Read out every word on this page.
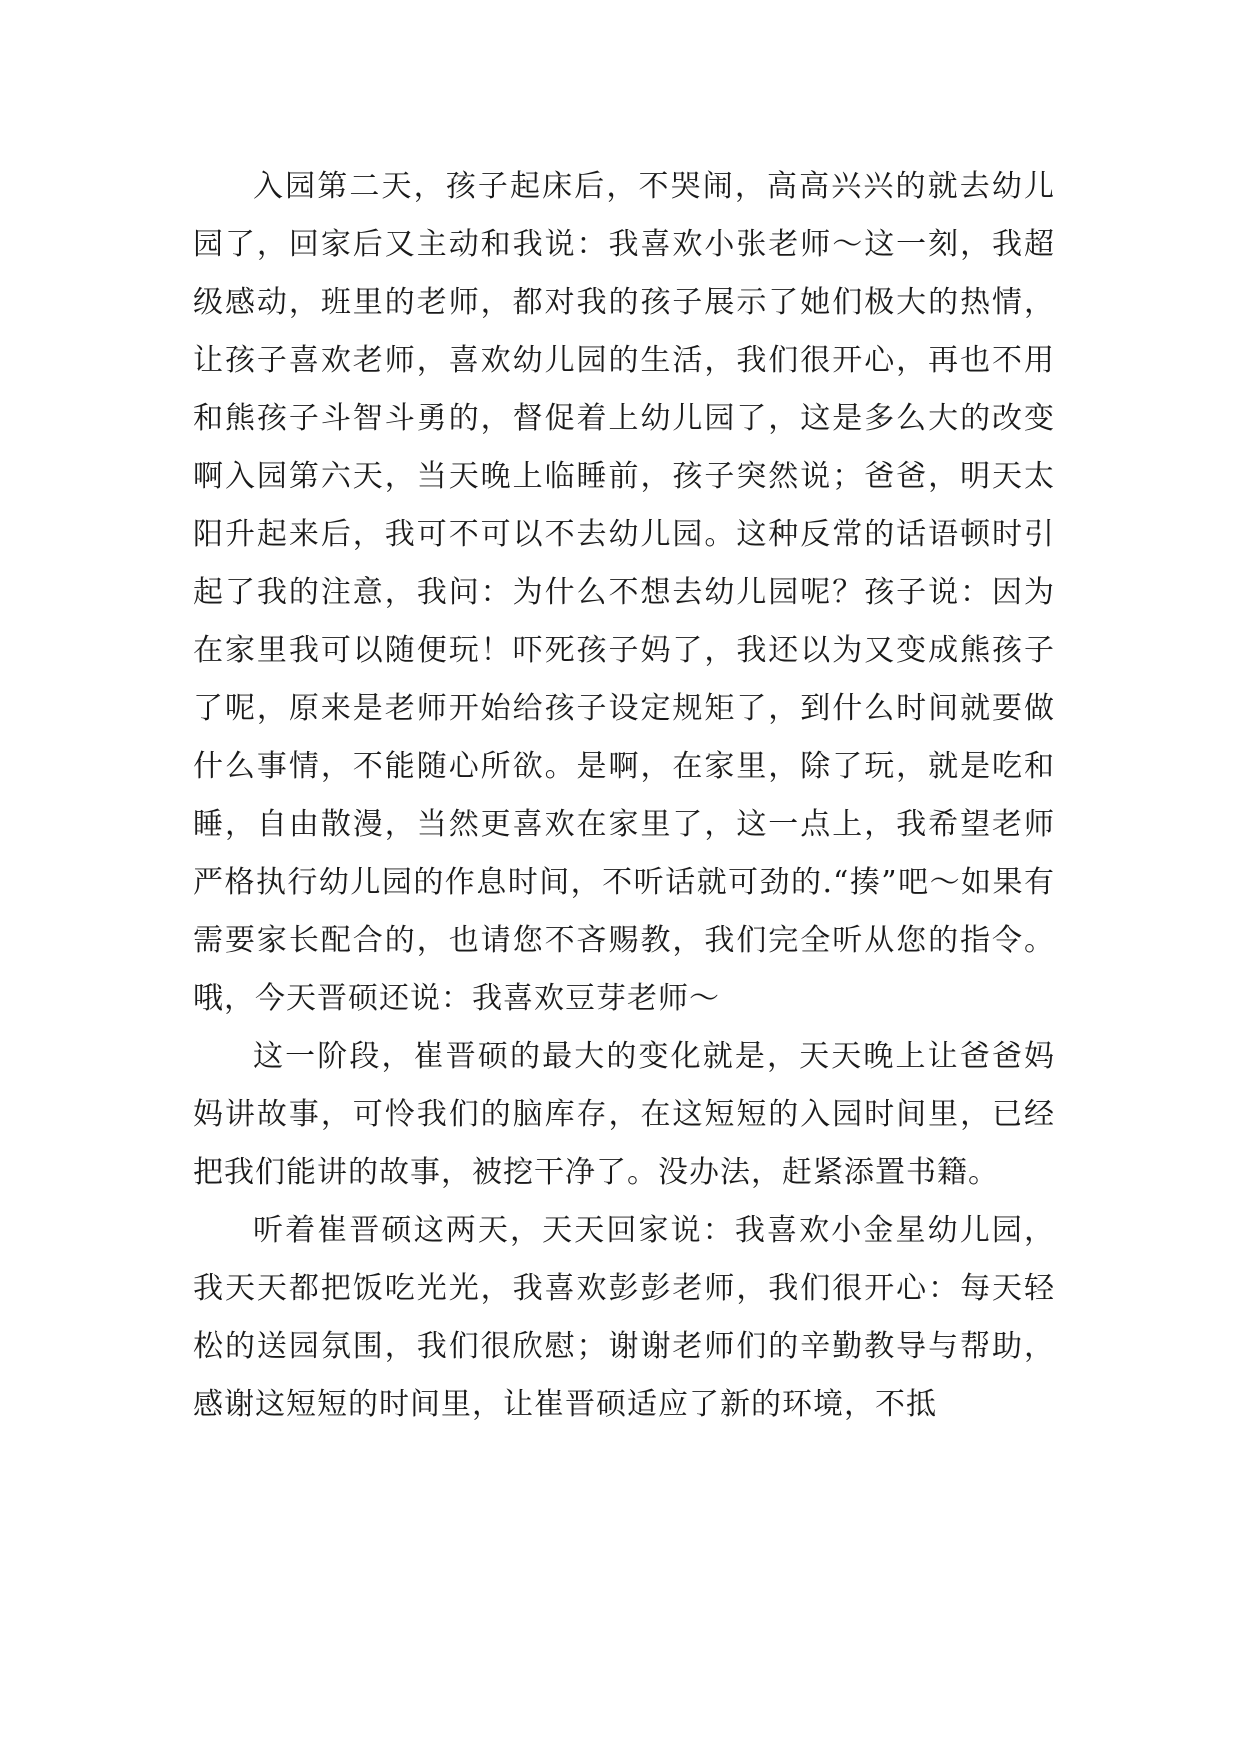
入园第二天，孩子起床后，不哭闹，高高兴兴的就去幼儿园了，回家后又主动和我说：我喜欢小张老师～这一刻，我超级感动，班里的老师，都对我的孩子展示了她们极大的热情，让孩子喜欢老师，喜欢幼儿园的生活，我们很开心，再也不用和熊孩子斗智斗勇的，督促着上幼儿园了，这是多么大的改变啊入园第六天，当天晚上临睡前，孩子突然说；爸爸，明天太阳升起来后，我可不可以不去幼儿园。这种反常的话语顿时引起了我的注意，我问：为什么不想去幼儿园呢？孩子说：因为在家里我可以随便玩！吓死孩子妈了，我还以为又变成熊孩子了呢，原来是老师开始给孩子设定规矩了，到什么时间就要做什么事情，不能随心所欲。是啊，在家里，除了玩，就是吃和睡，自由散漫，当然更喜欢在家里了，这一点上，我希望老师严格执行幼儿园的作息时间，不听话就可劲的.“揍”吧～如果有需要家长配合的，也请您不吝赐教，我们完全听从您的指令。哦，今天晋硕还说：我喜欢豆芽老师～

这一阶段，崔晋硕的最大的变化就是，天天晚上让爸爸妈妈讲故事，可怜我们的脑库存，在这短短的入园时间里，已经把我们能讲的故事，被挖干净了。没办法，赶紧添置书籍。

听着崔晋硕这两天，天天回家说：我喜欢小金星幼儿园，我天天都把饭吃光光，我喜欢彭彭老师，我们很开心：每天轻松的送园氛围，我们很欣慰；谢谢老师们的辛勤教导与帮助，感谢这短短的时间里，让崔晋硕适应了新的环境，不抵
